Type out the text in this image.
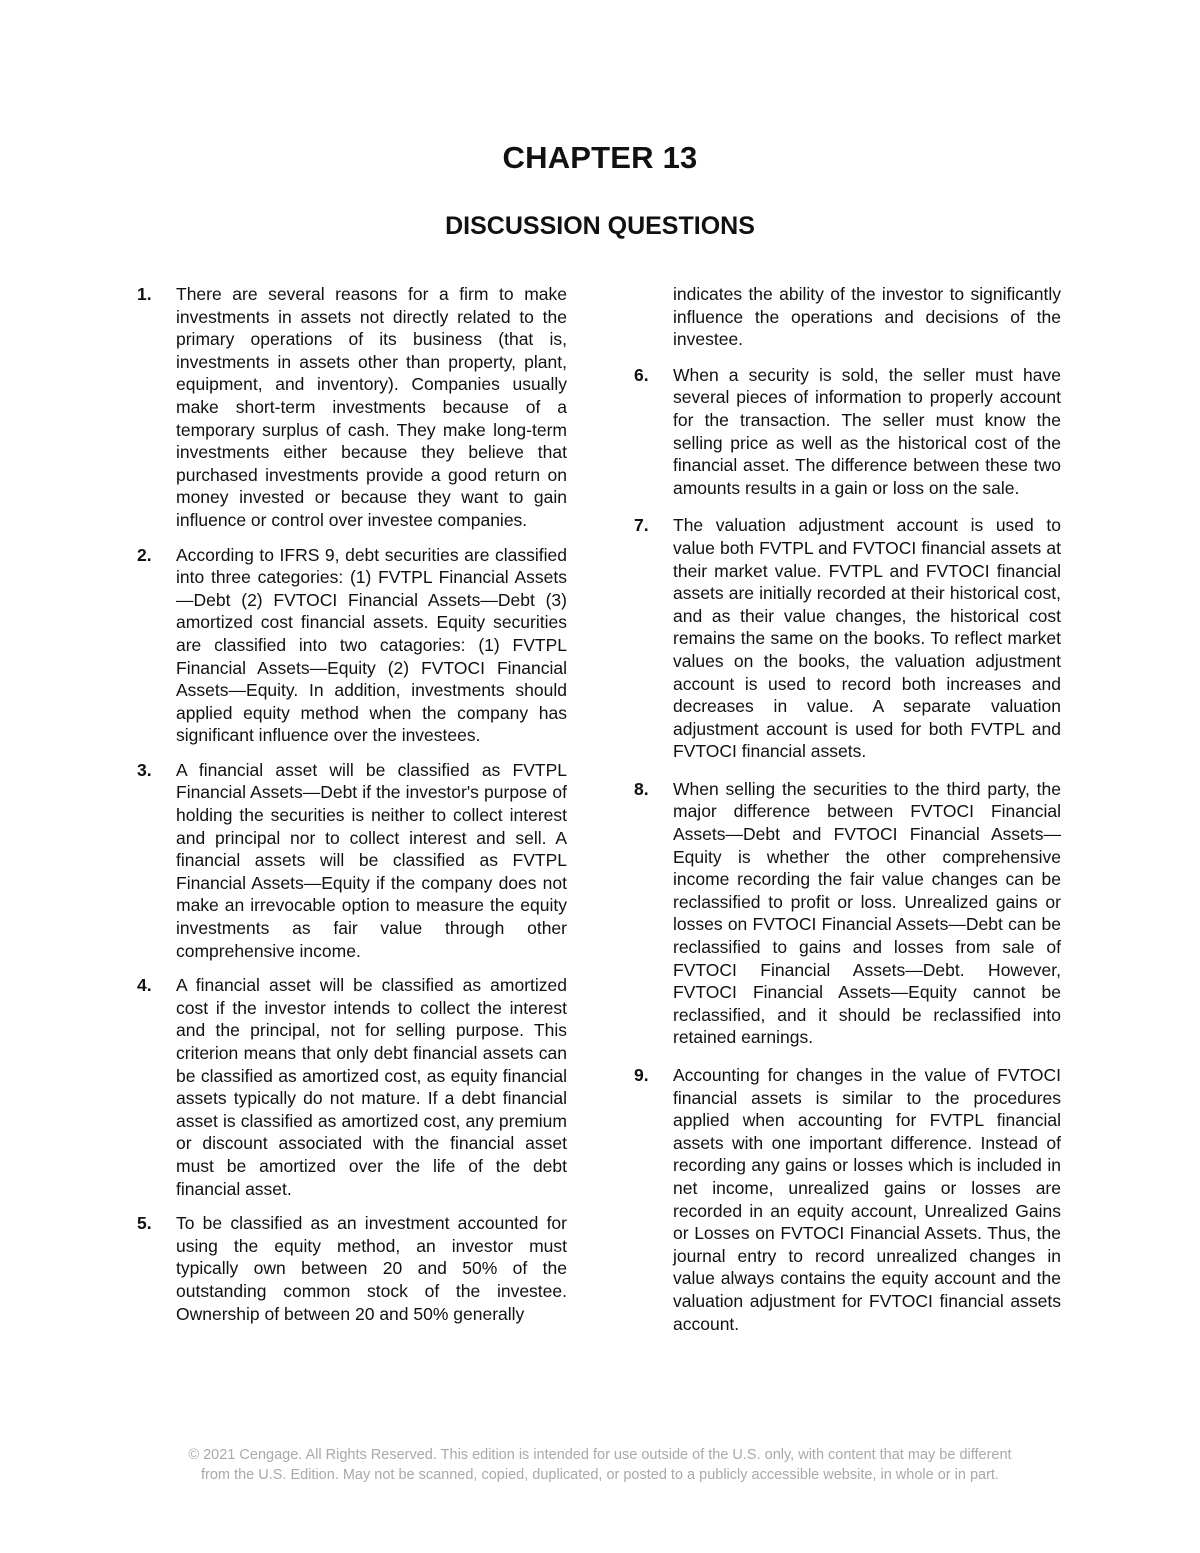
CHAPTER 13
DISCUSSION QUESTIONS
1. There are several reasons for a firm to make investments in assets not directly related to the primary operations of its business (that is, investments in assets other than property, plant, equipment, and inventory). Companies usually make short-term investments because of a temporary surplus of cash. They make long-term investments either because they believe that purchased investments provide a good return on money invested or because they want to gain influence or control over investee companies.
2. According to IFRS 9, debt securities are classified into three categories: (1) FVTPL Financial Assets—Debt (2) FVTOCI Financial Assets—Debt (3) amortized cost financial assets. Equity securities are classified into two catagories: (1) FVTPL Financial Assets—Equity (2) FVTOCI Financial Assets—Equity. In addition, investments should applied equity method when the company has significant influence over the investees.
3. A financial asset will be classified as FVTPL Financial Assets—Debt if the investor's purpose of holding the securities is neither to collect interest and principal nor to collect interest and sell. A financial assets will be classified as FVTPL Financial Assets—Equity if the company does not make an irrevocable option to measure the equity investments as fair value through other comprehensive income.
4. A financial asset will be classified as amortized cost if the investor intends to collect the interest and the principal, not for selling purpose. This criterion means that only debt financial assets can be classified as amortized cost, as equity financial assets typically do not mature. If a debt financial asset is classified as amortized cost, any premium or discount associated with the financial asset must be amortized over the life of the debt financial asset.
5. To be classified as an investment accounted for using the equity method, an investor must typically own between 20 and 50% of the outstanding common stock of the investee. Ownership of between 20 and 50% generally
indicates the ability of the investor to significantly influence the operations and decisions of the investee.
6. When a security is sold, the seller must have several pieces of information to properly account for the transaction. The seller must know the selling price as well as the historical cost of the financial asset. The difference between these two amounts results in a gain or loss on the sale.
7. The valuation adjustment account is used to value both FVTPL and FVTOCI financial assets at their market value. FVTPL and FVTOCI financial assets are initially recorded at their historical cost, and as their value changes, the historical cost remains the same on the books. To reflect market values on the books, the valuation adjustment account is used to record both increases and decreases in value. A separate valuation adjustment account is used for both FVTPL and FVTOCI financial assets.
8. When selling the securities to the third party, the major difference between FVTOCI Financial Assets—Debt and FVTOCI Financial Assets—Equity is whether the other comprehensive income recording the fair value changes can be reclassified to profit or loss. Unrealized gains or losses on FVTOCI Financial Assets—Debt can be reclassified to gains and losses from sale of FVTOCI Financial Assets—Debt. However, FVTOCI Financial Assets—Equity cannot be reclassified, and it should be reclassified into retained earnings.
9. Accounting for changes in the value of FVTOCI financial assets is similar to the procedures applied when accounting for FVTPL financial assets with one important difference. Instead of recording any gains or losses which is included in net income, unrealized gains or losses are recorded in an equity account, Unrealized Gains or Losses on FVTOCI Financial Assets. Thus, the journal entry to record unrealized changes in value always contains the equity account and the valuation adjustment for FVTOCI financial assets account.
© 2021 Cengage. All Rights Reserved. This edition is intended for use outside of the U.S. only, with content that may be different
from the U.S. Edition. May not be scanned, copied, duplicated, or posted to a publicly accessible website, in whole or in part.
